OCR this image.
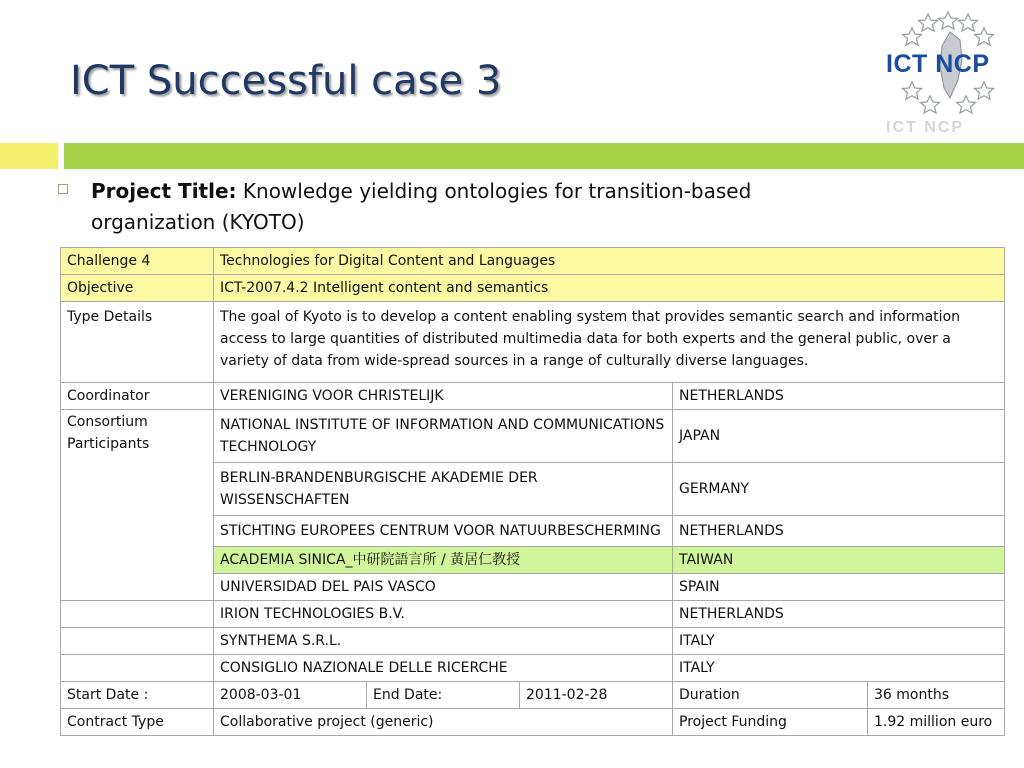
ICT Successful case 3
ICT NCP
ICT NCP
Project Title: Knowledge yielding ontologies for transition-based organization (KYOTO)
Challenge 4	Technologies for Digital Content and Languages				
Objective	ICT-2007.4.2 Intelligent content and semantics				
Type Details	The goal of Kyoto is to develop a content enabling system that provides semantic search and information access to large quantities of distributed multimedia data for both experts and the general public, over a variety of data from wide-spread sources in a range of culturally diverse languages.				
Coordinator	VERENIGING VOOR CHRISTELIJK			NETHERLANDS	
Consortium Participants	NATIONAL INSTITUTE OF INFORMATION AND COMMUNICATIONS TECHNOLOGY			JAPAN	
	BERLIN-BRANDENBURGISCHE AKADEMIE DER WISSENSCHAFTEN			GERMANY	
	STICHTING EUROPEES CENTRUM VOOR NATUURBESCHERMING			NETHERLANDS	
	ACADEMIA SINICA_中研院語言所 / 黃居仁教授			TAIWAN	
	UNIVERSIDAD DEL PAIS VASCO			SPAIN	
	IRION TECHNOLOGIES B.V.			NETHERLANDS	
	SYNTHEMA S.R.L.			ITALY	
	CONSIGLIO NAZIONALE DELLE RICERCHE			ITALY	
Start Date :	2008-03-01	End Date:	2011-02-28	Duration	36 months
Contract Type	Collaborative project (generic)			Project Funding	1.92 million euro
